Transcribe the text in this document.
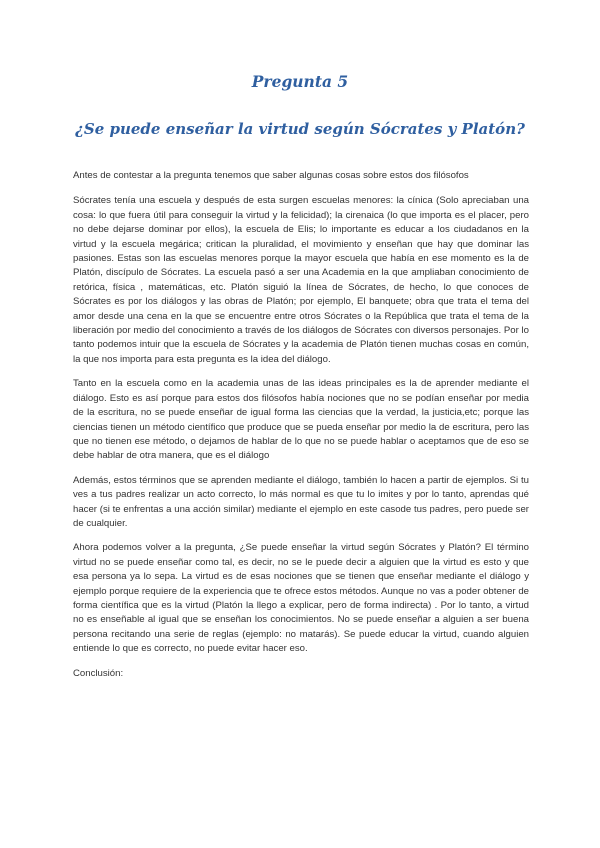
Pregunta 5
¿Se puede enseñar la virtud según Sócrates y Platón?

Antes de contestar a la pregunta tenemos que saber algunas cosas sobre estos dos filósofos

Sócrates tenía una escuela y después de esta surgen escuelas menores: la cínica (Solo apreciaban una cosa: lo que fuera útil para conseguir la virtud y la felicidad); la cirenaica (lo que importa es el placer, pero no debe dejarse dominar por ellos), la escuela de Elis; lo importante es educar a los ciudadanos en la virtud y la escuela megárica; critican la pluralidad, el movimiento y enseñan que hay que dominar las pasiones. Estas son las escuelas menores porque la mayor escuela que había en ese momento es la de Platón, discípulo de Sócrates. La escuela pasó a ser una Academia en la que ampliaban conocimiento de retórica, física , matemáticas, etc. Platón siguió la línea de Sócrates, de hecho, lo que conoces de Sócrates es por los diálogos y las obras de Platón; por ejemplo, El banquete; obra que trata el tema del amor desde una cena en la que se encuentre entre otros Sócrates o la República que trata el tema de la liberación por medio del conocimiento a través de los diálogos de Sócrates con diversos personajes. Por lo tanto podemos intuir que la escuela de Sócrates y la academia de Platón tienen muchas cosas en común, la que nos importa para esta pregunta es la idea del diálogo.

Tanto en la escuela como en la academia unas de las ideas principales es la de aprender mediante el diálogo. Esto es así porque para estos dos filósofos había nociones que no se podían enseñar por media de la escritura, no se puede enseñar de igual forma las ciencias que la verdad, la justicia,etc; porque las ciencias tienen un método científico que produce que se pueda enseñar por medio la de escritura, pero las que no tienen ese método, o dejamos de hablar de lo que no se puede hablar o aceptamos que de eso se debe hablar de otra manera, que es el diálogo

Además, estos términos que se aprenden mediante el diálogo, también lo hacen a partir de ejemplos. Si tu ves a tus padres realizar un acto correcto, lo más normal es que tu lo imites y por lo tanto, aprendas qué hacer (si te enfrentas a una acción similar) mediante el ejemplo en este casode tus padres, pero puede ser de cualquier.

Ahora podemos volver a la pregunta, ¿Se puede enseñar la virtud según Sócrates y Platón? El término virtud no se puede enseñar como tal, es decir, no se le puede decir a alguien que la virtud es esto y que esa persona ya lo sepa. La virtud es de esas nociones que se tienen que enseñar mediante el diálogo y ejemplo porque requiere de la experiencia que te ofrece estos métodos. Aunque no vas a poder obtener de forma científica que es la virtud (Platón la llego a explicar, pero de forma indirecta) . Por lo tanto, a virtud no es enseñable al igual que se enseñan los conocimientos. No se puede enseñar a alguien a ser buena persona recitando una serie de reglas (ejemplo: no matarás). Se puede educar la virtud, cuando alguien entiende lo que es correcto, no puede evitar hacer eso.

Conclusión:
